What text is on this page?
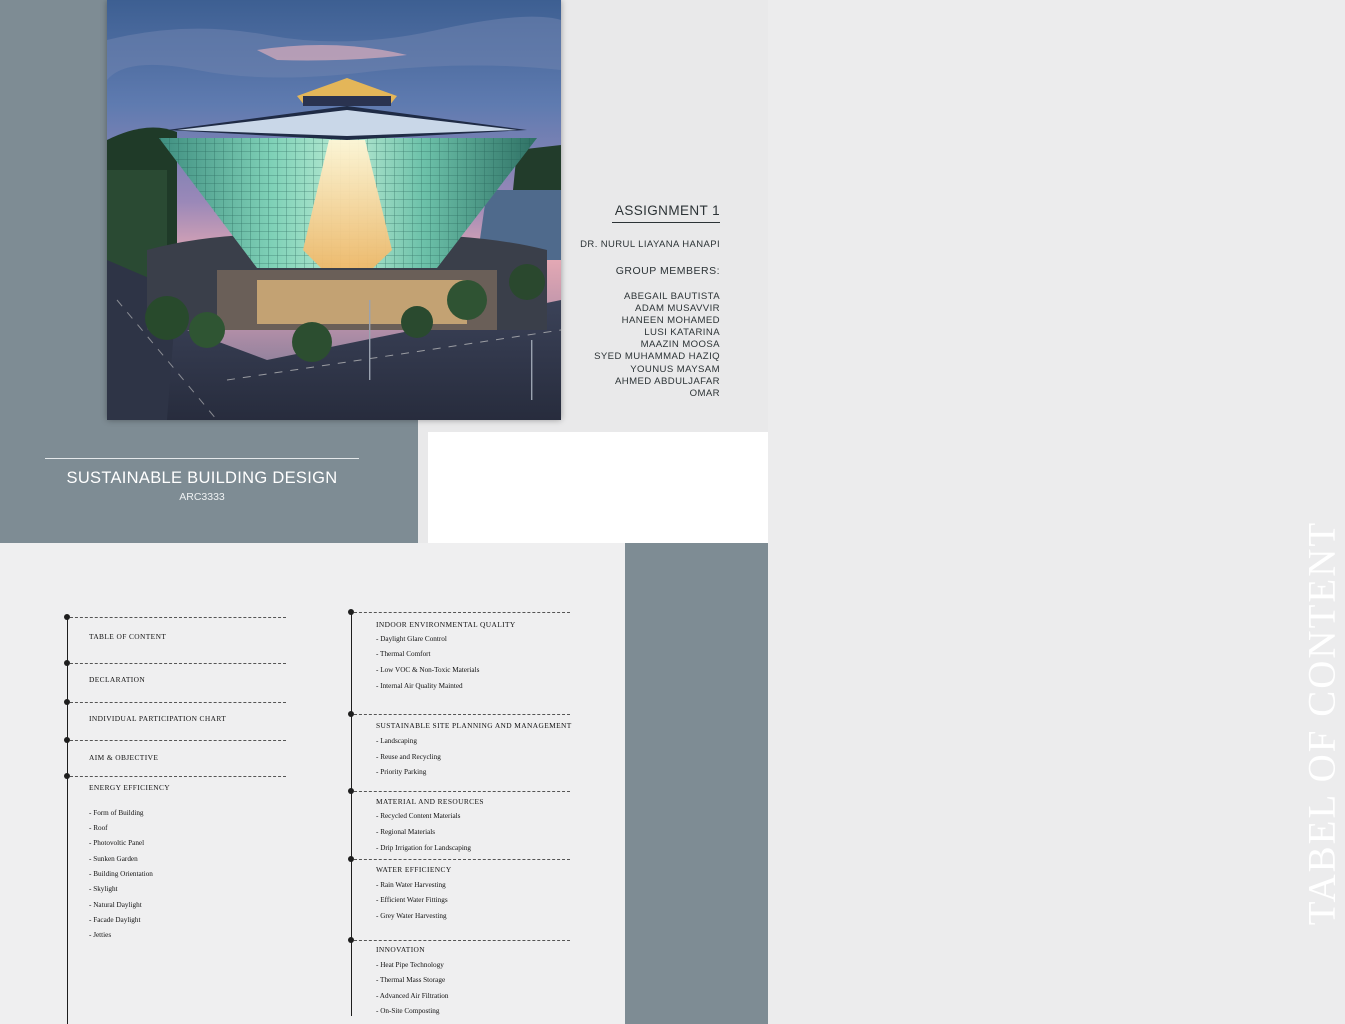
SUSTAINABLE BUILDING DESIGN
ARC3333
ASSIGNMENT 1
DR. NURUL LIAYANA HANAPI
GROUP MEMBERS:
ABEGAIL BAUTISTA
ADAM MUSAVVIR
HANEEN MOHAMED
LUSI KATARINA
MAAZIN MOOSA
SYED MUHAMMAD HAZIQ
YOUNUS MAYSAM
AHMED ABDULJAFAR
OMAR
TABEL OF CONTENT
TABLE OF CONTENT
DECLARATION
INDIVIDUAL PARTICIPATION CHART
AIM & OBJECTIVE
ENERGY EFFICIENCY
- Form of Building
- Roof
- Photovoltic Panel
- Sunken Garden
- Building Orientation
- Skylight
- Natural Daylight
- Facade Daylight
- Jetties
INDOOR ENVIRONMENTAL QUALITY
- Daylight Glare Control
- Thermal Comfort
- Low VOC & Non-Toxic Materials
- Internal Air Quality Mainted
SUSTAINABLE SITE PLANNING AND MANAGEMENT
- Landscaping
- Reuse and Recycling
- Priority Parking
MATERIAL AND RESOURCES
- Recycled Content Materials
- Regional Materials
- Drip Irrigation for Landscaping
WATER EFFICIENCY
- Rain Water Harvesting
- Efficient Water Fittings
- Grey Water Harvesting
INNOVATION
- Heat Pipe Technology
- Thermal Mass Storage
- Advanced Air Filtration
- On-Site Composting
